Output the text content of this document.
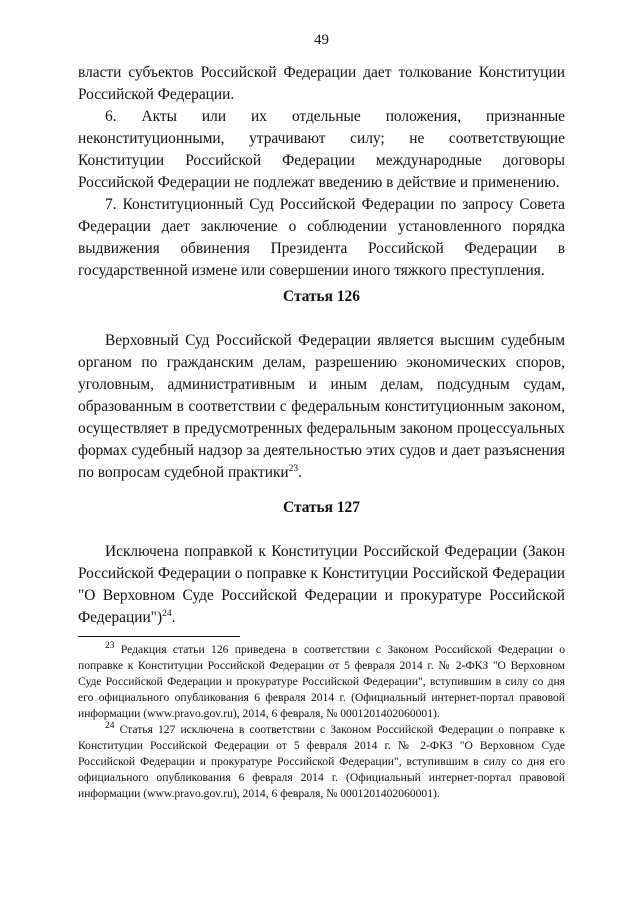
49

власти субъектов Российской Федерации дает толкование Конституции Российской Федерации.

6. Акты или их отдельные положения, признанные неконституционными, утрачивают силу; не соответствующие Конституции Российской Федерации международные договоры Российской Федерации не подлежат введению в действие и применению.

7. Конституционный Суд Российской Федерации по запросу Совета Федерации дает заключение о соблюдении установленного порядка выдвижения обвинения Президента Российской Федерации в государственной измене или совершении иного тяжкого преступления.

Статья 126

Верховный Суд Российской Федерации является высшим судебным органом по гражданским делам, разрешению экономических споров, уголовным, административным и иным делам, подсудным судам, образованным в соответствии с федеральным конституционным законом, осуществляет в предусмотренных федеральным законом процессуальных формах судебный надзор за деятельностью этих судов и дает разъяснения по вопросам судебной практики$^{23}$.

Статья 127

Исключена поправкой к Конституции Российской Федерации (Закон Российской Федерации о поправке к Конституции Российской Федерации "О Верховном Суде Российской Федерации и прокуратуре Российской Федерации")$^{24}$.

$^{23}$ Редакция статьи 126 приведена в соответствии с Законом Российской Федерации о поправке к Конституции Российской Федерации от 5 февраля 2014 г. № 2-ФКЗ "О Верховном Суде Российской Федерации и прокуратуре Российской Федерации", вступившим в силу со дня его официального опубликования 6 февраля 2014 г. (Официальный интернет-портал правовой информации (www.pravo.gov.ru), 2014, 6 февраля, № 0001201402060001).

$^{24}$ Статья 127 исключена в соответствии с Законом Российской Федерации о поправке к Конституции Российской Федерации от 5 февраля 2014 г. № 2-ФКЗ "О Верховном Суде Российской Федерации и прокуратуре Российской Федерации", вступившим в силу со дня его официального опубликования 6 февраля 2014 г. (Официальный интернет-портал правовой информации (www.pravo.gov.ru), 2014, 6 февраля, № 0001201402060001).
